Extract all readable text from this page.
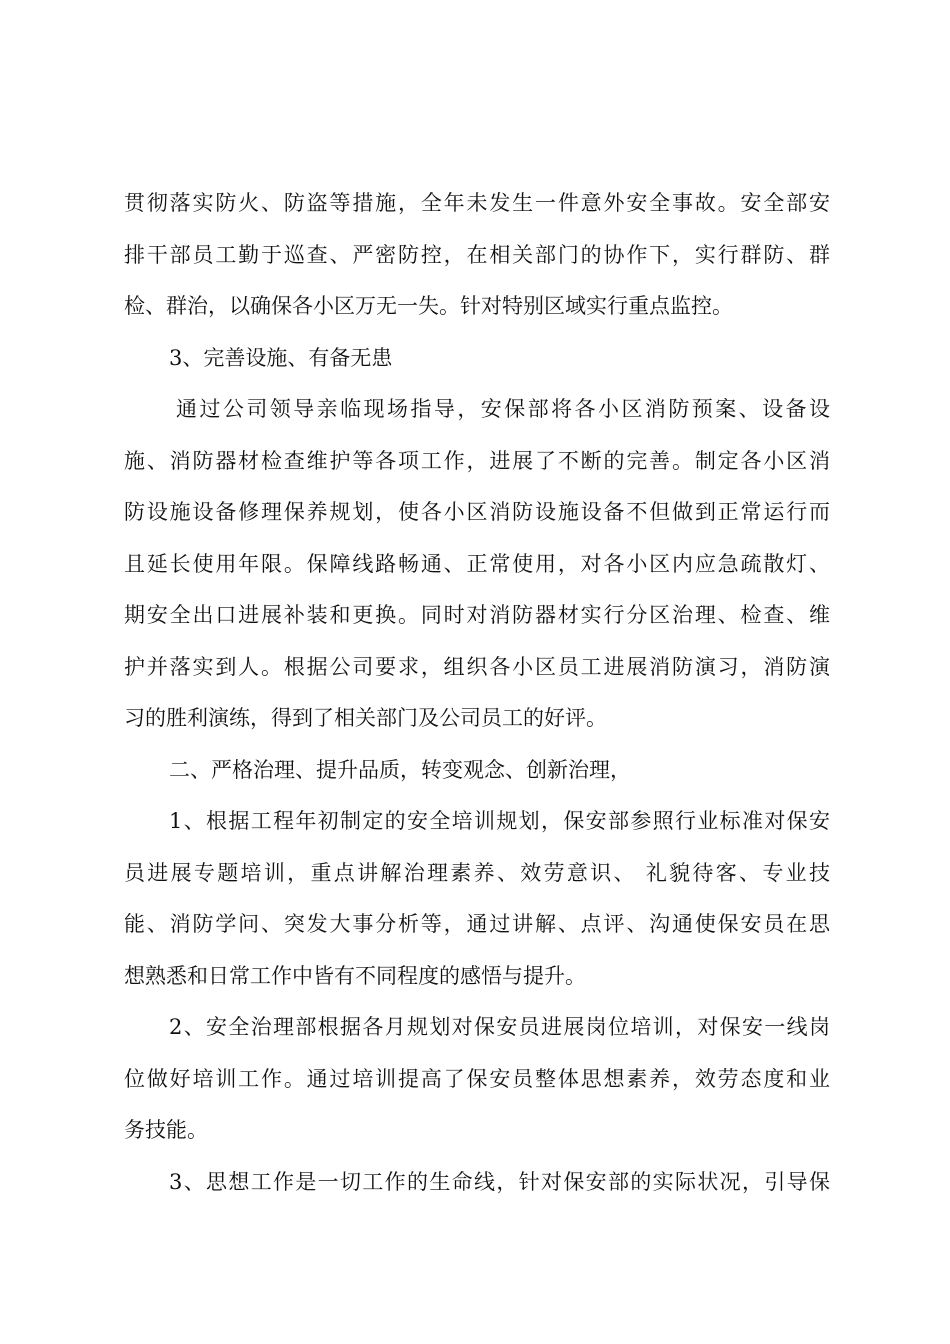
贯彻落实防火、防盗等措施，全年未发生一件意外安全事故。安全部安
排干部员工勤于巡查、严密防控，在相关部门的协作下，实行群防、群
检、群治，以确保各小区万无一失。针对特别区域实行重点监控。
3、完善设施、有备无患
通过公司领导亲临现场指导，安保部将各小区消防预案、设备设
施、消防器材检查维护等各项工作，进展了不断的完善。制定各小区消
防设施设备修理保养规划，使各小区消防设施设备不但做到正常运行而
且延长使用年限。保障线路畅通、正常使用，对各小区内应急疏散灯、
期安全出口进展补装和更换。同时对消防器材实行分区治理、检查、维
护并落实到人。根据公司要求，组织各小区员工进展消防演习，消防演
习的胜利演练，得到了相关部门及公司员工的好评。
二、严格治理、提升品质，转变观念、创新治理，
1、根据工程年初制定的安全培训规划，保安部参照行业标准对保安
员进展专题培训，重点讲解治理素养、效劳意识、 礼貌待客、专业技
能、消防学问、突发大事分析等，通过讲解、点评、沟通使保安员在思
想熟悉和日常工作中皆有不同程度的感悟与提升。
2、安全治理部根据各月规划对保安员进展岗位培训，对保安一线岗
位做好培训工作。通过培训提高了保安员整体思想素养，效劳态度和业
务技能。
3、思想工作是一切工作的生命线，针对保安部的实际状况，引导保
